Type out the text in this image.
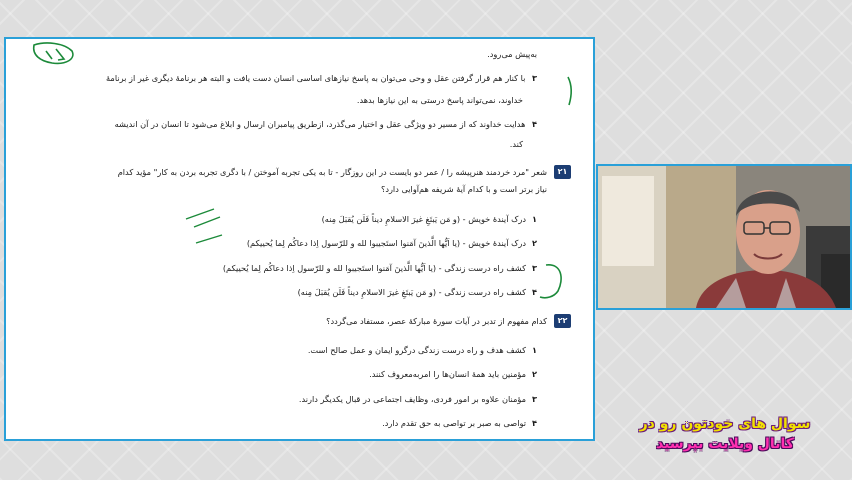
به‌پیش می‌رود.
۳ با کنار هم قرار گرفتن عقل و وحی می‌توان به پاسخ نیازهای اساسی انسان دست یافت و البته هر برنامهٔ دیگری غیر از برنامهٔ
خداوند، نمی‌تواند پاسخ درستی به این نیازها بدهد.
۴ هدایت خداوند که از مسیر دو ویژگی عقل و اختیار می‌گذرد، ازطریق پیامبران ارسال و ابلاغ می‌شود تا انسان در آن اندیشه
کند.
۲۱
شعر "مرد خردمند هنرپیشه را / عمر دو بایست در این روزگار - تا به یکی تجربه آموختن / با دگری تجربه بردن به کار" مؤید کدام
نیاز برتر است و با کدام آیهٔ شریفه هم‌آوایی دارد؟
۱درک آیندهٔ خویش - (و مَن یَبتَغِ غیرَ الاسلامِ دیناً فَلَن یُقبَلَ مِنه)
۲درک آیندهٔ خویش - (یا اَیُّها الَّذینَ آمَنوا استَجیبوا لله و للرّسول اِذا دعاکُم لِما یُحییکم)
۳کشف راه درست زندگی - (یا اَیُّها الَّذینَ آمَنوا استَجیبوا لله و للرّسول اِذا دعاکُم لِما یُحییکم)
۴کشف راه درست زندگی - (و مَن یَبتَغِ غیرَ الاسلامِ دیناً فَلَن یُقبَلَ مِنه)
۲۲
کدام مفهوم از تدبر در آیات سورهٔ مبارکهٔ عصر، مستفاد می‌گردد؟
۱کشف هدف و راه درست زندگی درگرو ایمان و عمل صالح است.
۲مؤمنین باید همهٔ انسان‌ها را امربه‌معروف کنند.
۳مؤمنان علاوه بر امور فردی، وظایف اجتماعی در قبال یکدیگر دارند.
۴تواصی به صبر بر تواصی به حق تقدم دارد.	سوال های خودتون رو در
کانال ویلایت بپرسید
